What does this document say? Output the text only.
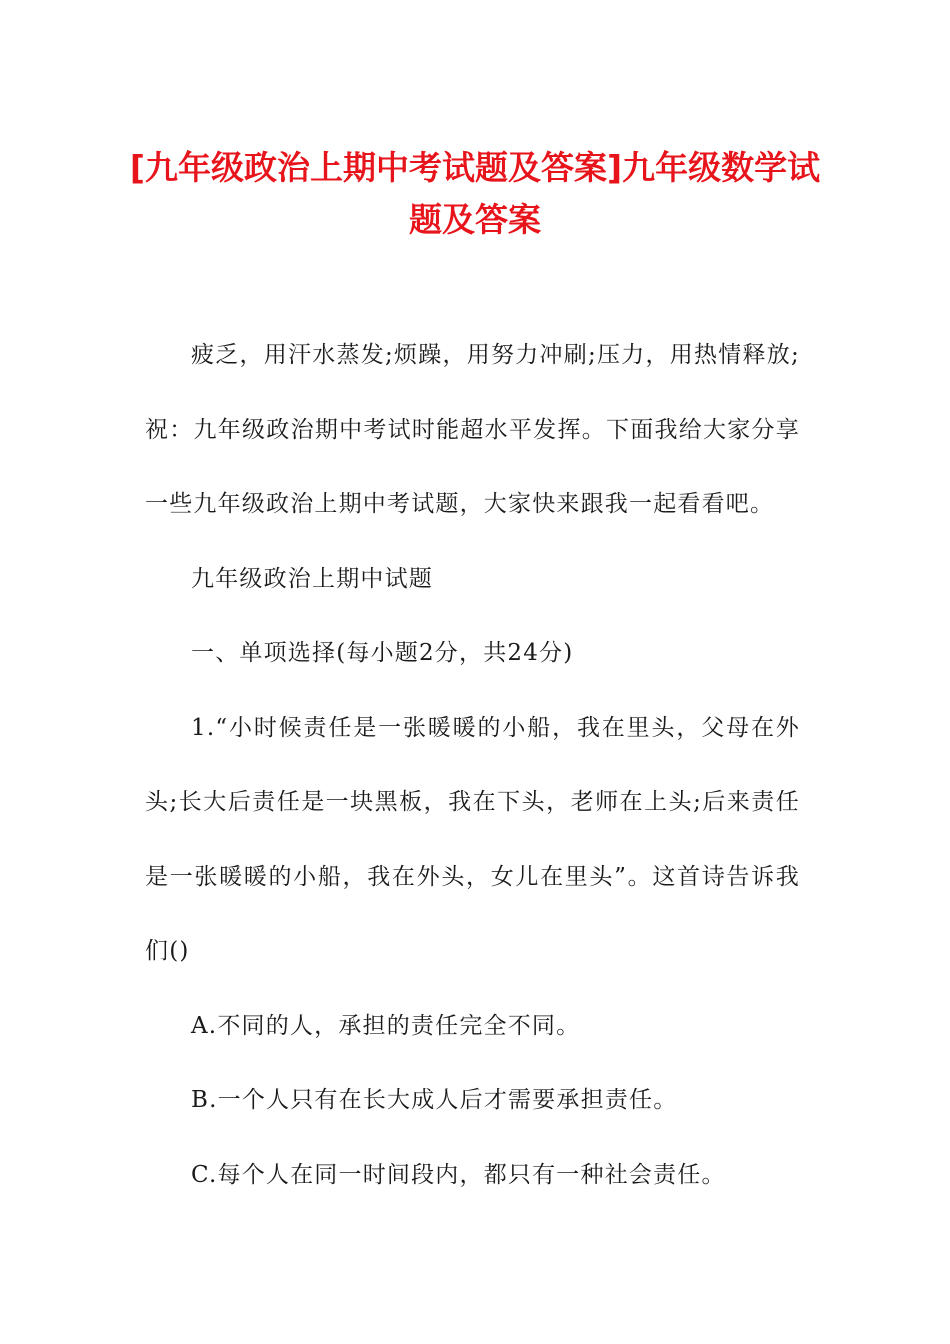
[九年级政治上期中考试题及答案]九年级数学试题及答案

疲乏，用汗水蒸发;烦躁，用努力冲刷;压力，用热情释放;祝：九年级政治期中考试时能超水平发挥。下面我给大家分享一些九年级政治上期中考试题，大家快来跟我一起看看吧。

九年级政治上期中试题

一、单项选择(每小题2分，共24分)

1.“小时候责任是一张暖暖的小船，我在里头，父母在外头;长大后责任是一块黑板，我在下头，老师在上头;后来责任是一张暖暖的小船，我在外头，女儿在里头”。这首诗告诉我们()

A.不同的人，承担的责任完全不同。

B.一个人只有在长大成人后才需要承担责任。

C.每个人在同一时间段内，都只有一种社会责任。
